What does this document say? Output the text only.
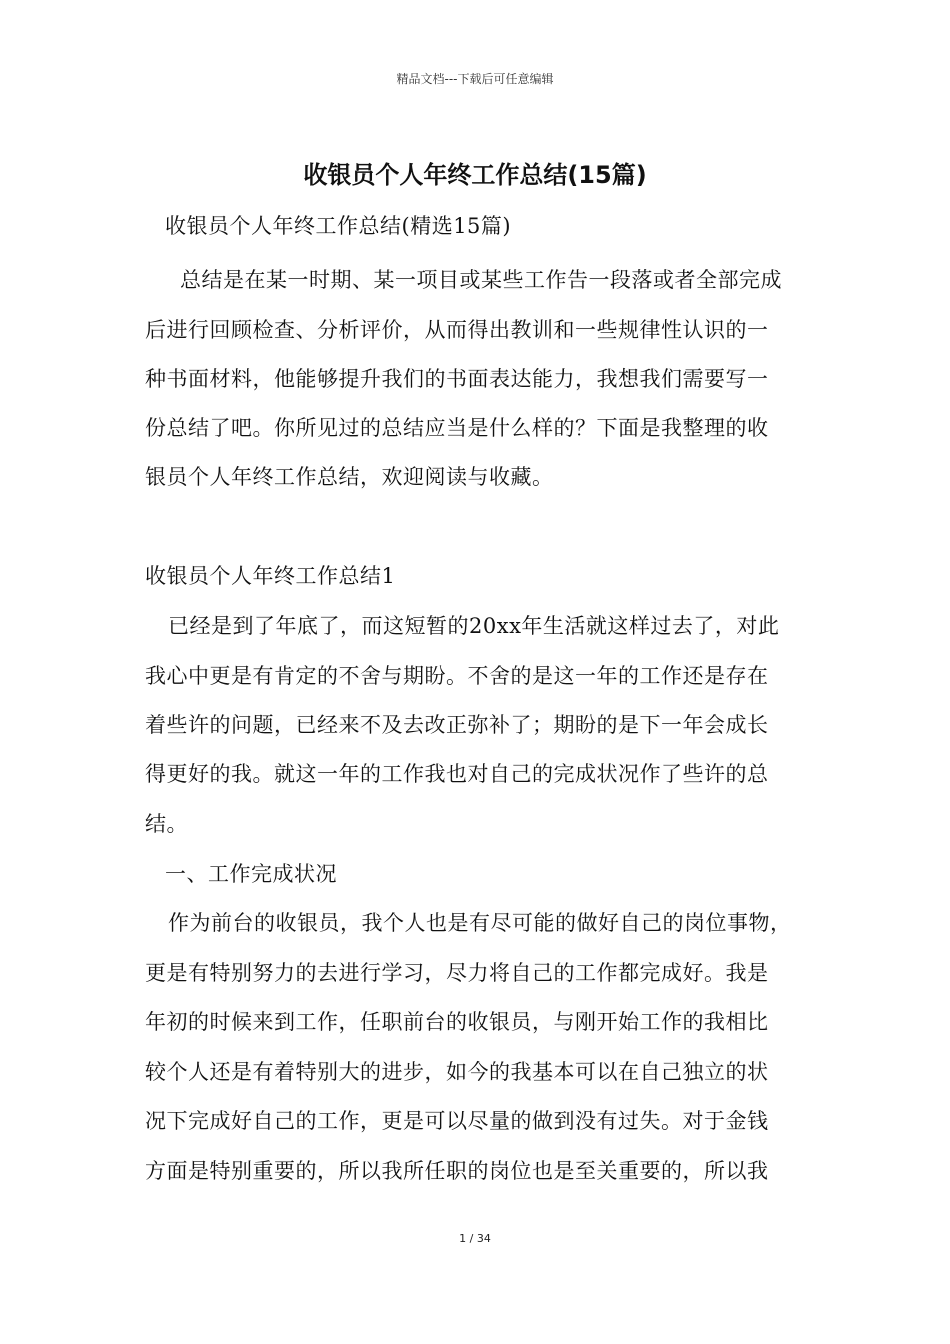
精品文档---下载后可任意编辑
收银员个人年终工作总结(15篇)
收银员个人年终工作总结(精选15篇)
总结是在某一时期、某一项目或某些工作告一段落或者全部完成
后进行回顾检查、分析评价，从而得出教训和一些规律性认识的一
种书面材料，他能够提升我们的书面表达能力，我想我们需要写一
份总结了吧。你所见过的总结应当是什么样的？下面是我整理的收
银员个人年终工作总结，欢迎阅读与收藏。
收银员个人年终工作总结1
已经是到了年底了，而这短暂的20xx年生活就这样过去了，对此
我心中更是有肯定的不舍与期盼。不舍的是这一年的工作还是存在
着些许的问题，已经来不及去改正弥补了；期盼的是下一年会成长
得更好的我。就这一年的工作我也对自己的完成状况作了些许的总
结。
一、工作完成状况
作为前台的收银员，我个人也是有尽可能的做好自己的岗位事物，
更是有特别努力的去进行学习，尽力将自己的工作都完成好。我是
年初的时候来到工作，任职前台的收银员，与刚开始工作的我相比
较个人还是有着特别大的进步，如今的我基本可以在自己独立的状
况下完成好自己的工作，更是可以尽量的做到没有过失。对于金钱
方面是特别重要的，所以我所任职的岗位也是至关重要的，所以我
1 / 34
